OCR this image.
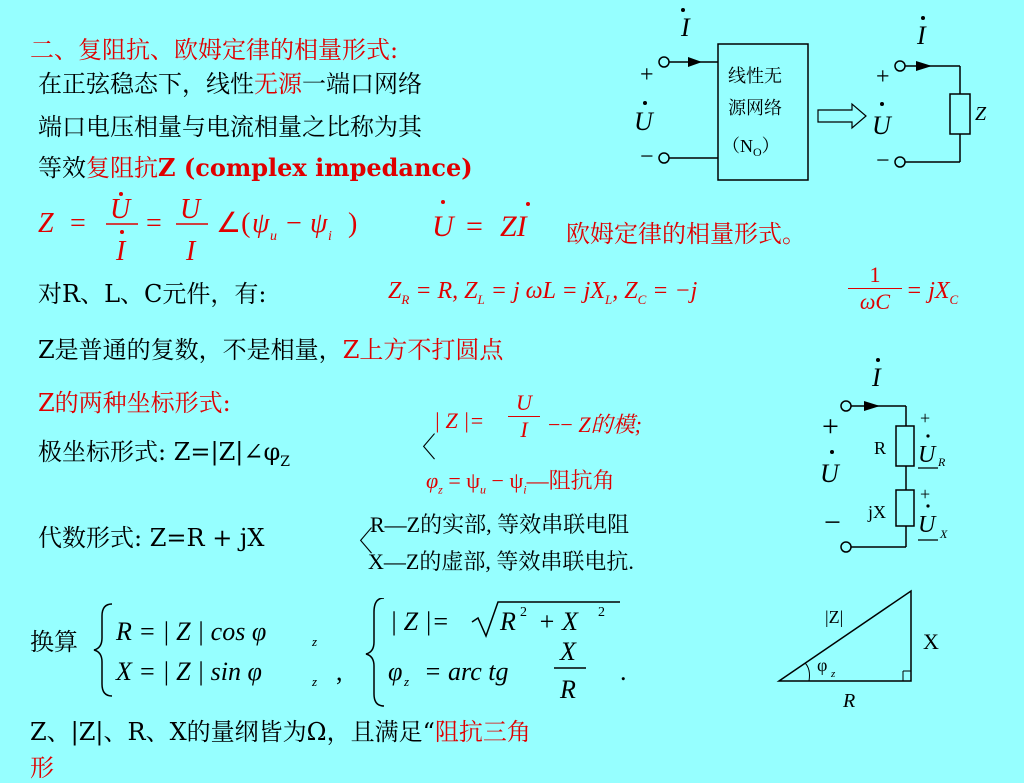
二、复阻抗、欧姆定律的相量形式:
在正弦稳态下，线性无源一端口网络
端口电压相量与电流相量之比称为其
等效复阻抗Z (complex impedance)
I
+
U
−
线性无
源网络
$(N_O)$
I
+
Z
U
−
Z = U
I
= U
I
∠( ψ u − ψ i ) U = ZI 欧姆定律的相量形式。
对R、L、C元件，有:	$Z_R = R$, $Z_L = j$ $\omega L = jX_L$, $Z_C = -j$
1
$\omega C = jX_C$
Z是普通的复数，不是相量，Z上方不打圆点
Z的两种坐标形式:
极坐标形式: $Z=|Z|\angle\varphi_Z$	〈
| Z |=
U
I −− Z的模;
$\varphi_z = \psi_u$ − $\psi_i—$阻抗角
代数形式: Z=R + jX	〈
R—Z的实部, 等效串联电阻
X—Z的虚部, 等效串联电抗.
换算 R = | Z | cos φ	z
X = | Z | sin φ	z ,
| Z |= R 2 + X 2
φ z = arc tg
X
R
.
I
+
U
−
R
jX
+
U R
+
U X
|Z|
X
R
φ z
Z、|Z|、R、X的量纲皆为Ω，且满足“阻抗三角
形
